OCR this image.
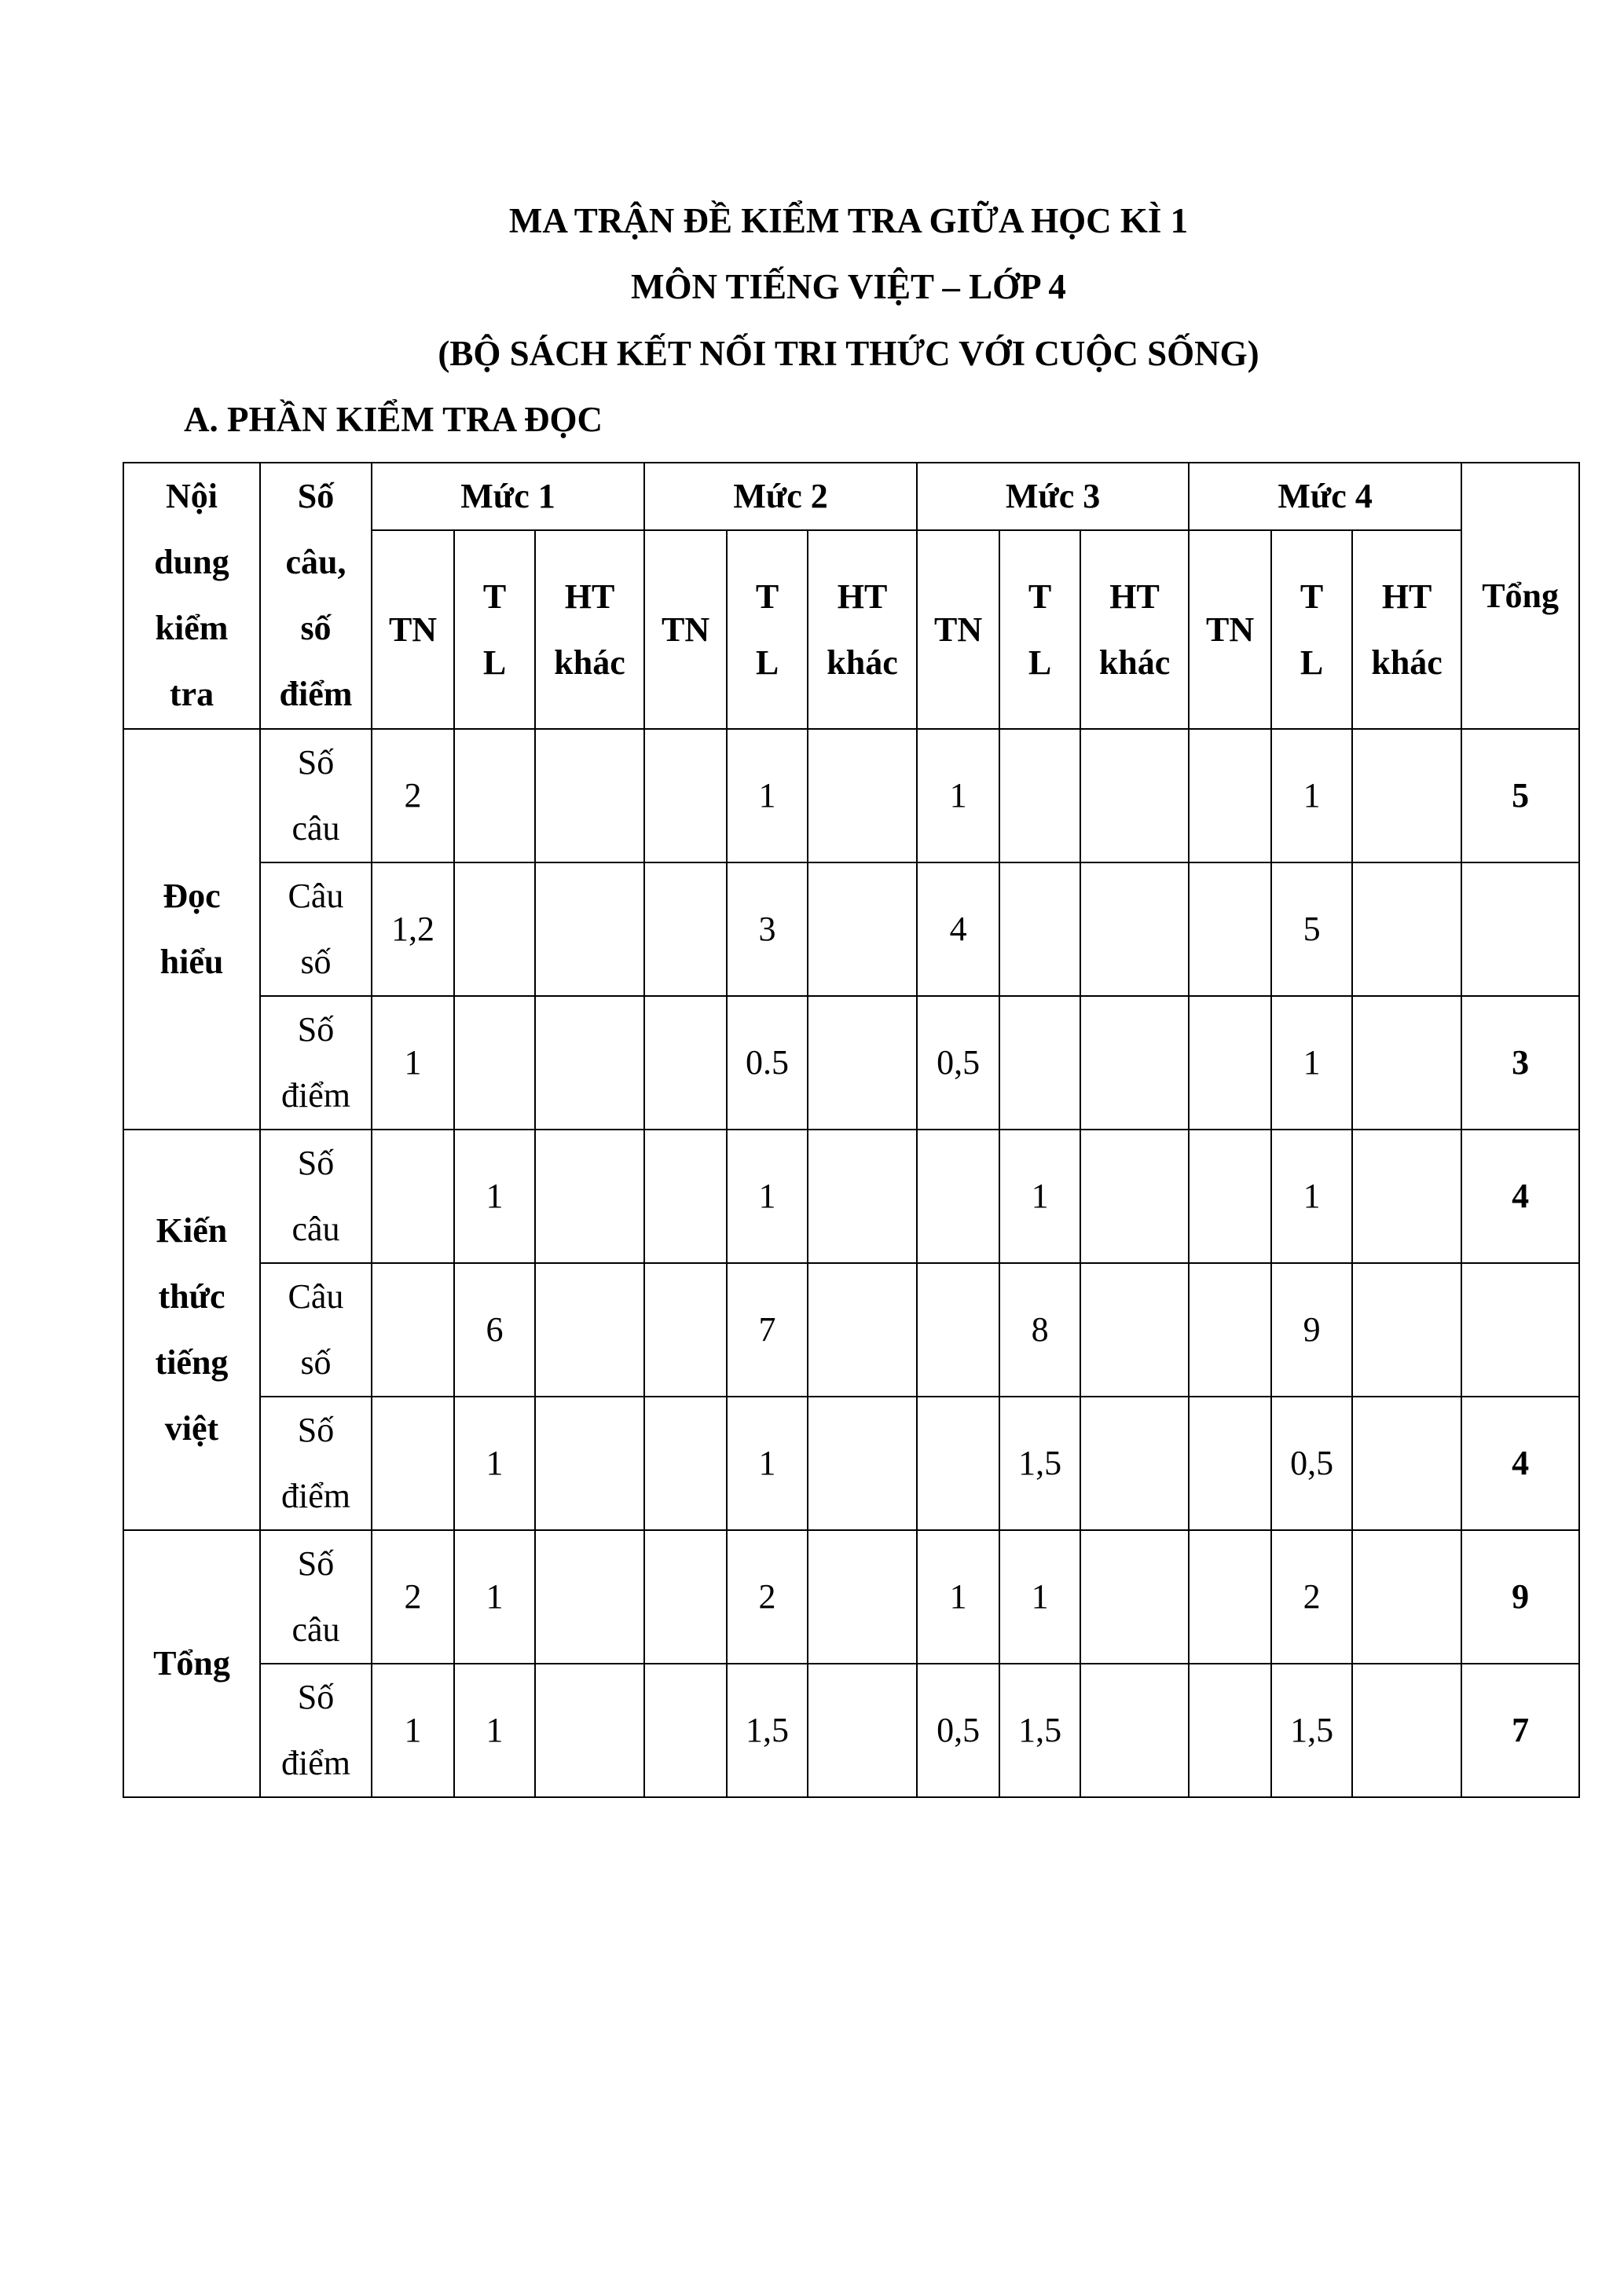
MA TRẬN ĐỀ KIỂM TRA GIỮA HỌC KÌ 1
MÔN TIẾNG VIỆT – LỚP 4
(BỘ SÁCH KẾT NỐI TRI THỨC VỚI CUỘC SỐNG)
A. PHẦN KIỂM TRA ĐỌC
Nội dung kiểm tra	Số câu, số điểm	Mức 1			Mức 2			Mức 3			Mức 4			Tổng
		TN	T L	HT khác	TN	T L	HT khác	TN	T L	HT khác	TN	T L	HT khác	
Đọc hiểu	Số câu	2				1		1				1		5
	Câu số	1,2				3		4				5		
	Số điểm	1				0.5		0,5				1		3
Kiến thức tiếng việt	Số câu		1			1			1			1		4
	Câu số		6			7			8			9		
	Số điểm		1			1			1,5			0,5		4
Tổng	Số câu	2	1			2		1	1			2		9
	Số điểm	1	1			1,5		0,5	1,5			1,5		7
